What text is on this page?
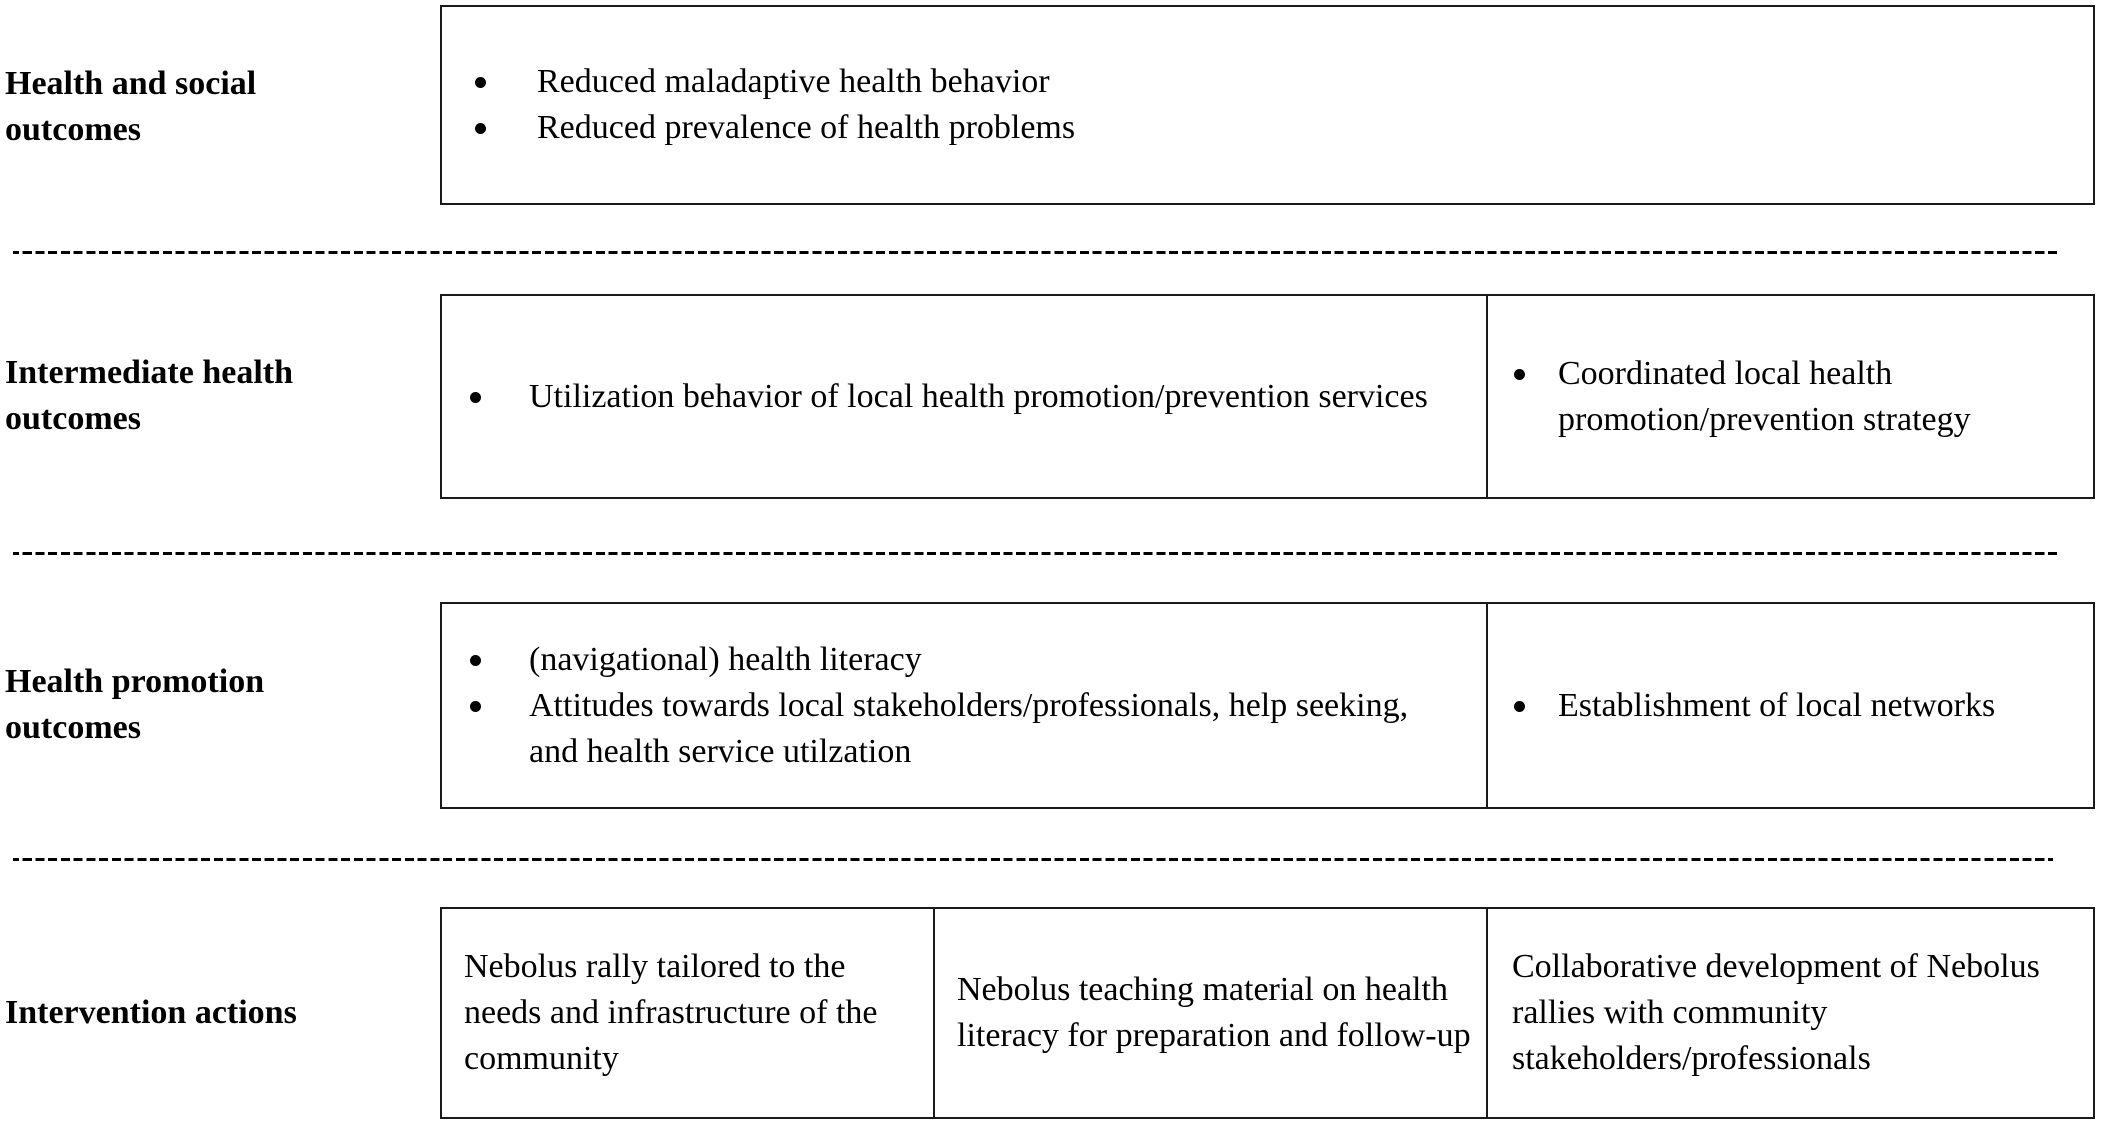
Health and social
outcomes
Reduced maladaptive health behavior
Reduced prevalence of health problems
Intermediate health
outcomes
Utilization behavior of local health promotion/prevention services
Coordinated local health promotion/prevention strategy
Health promotion
outcomes
(navigational) health literacy
Attitudes towards local stakeholders/professionals, help seeking, and health service utilzation
Establishment of local networks
Intervention actions
Nebolus rally tailored to the needs and infrastructure of the community
Nebolus teaching material on health literacy for preparation and follow-up
Collaborative development of Nebolus rallies with community stakeholders/professionals
